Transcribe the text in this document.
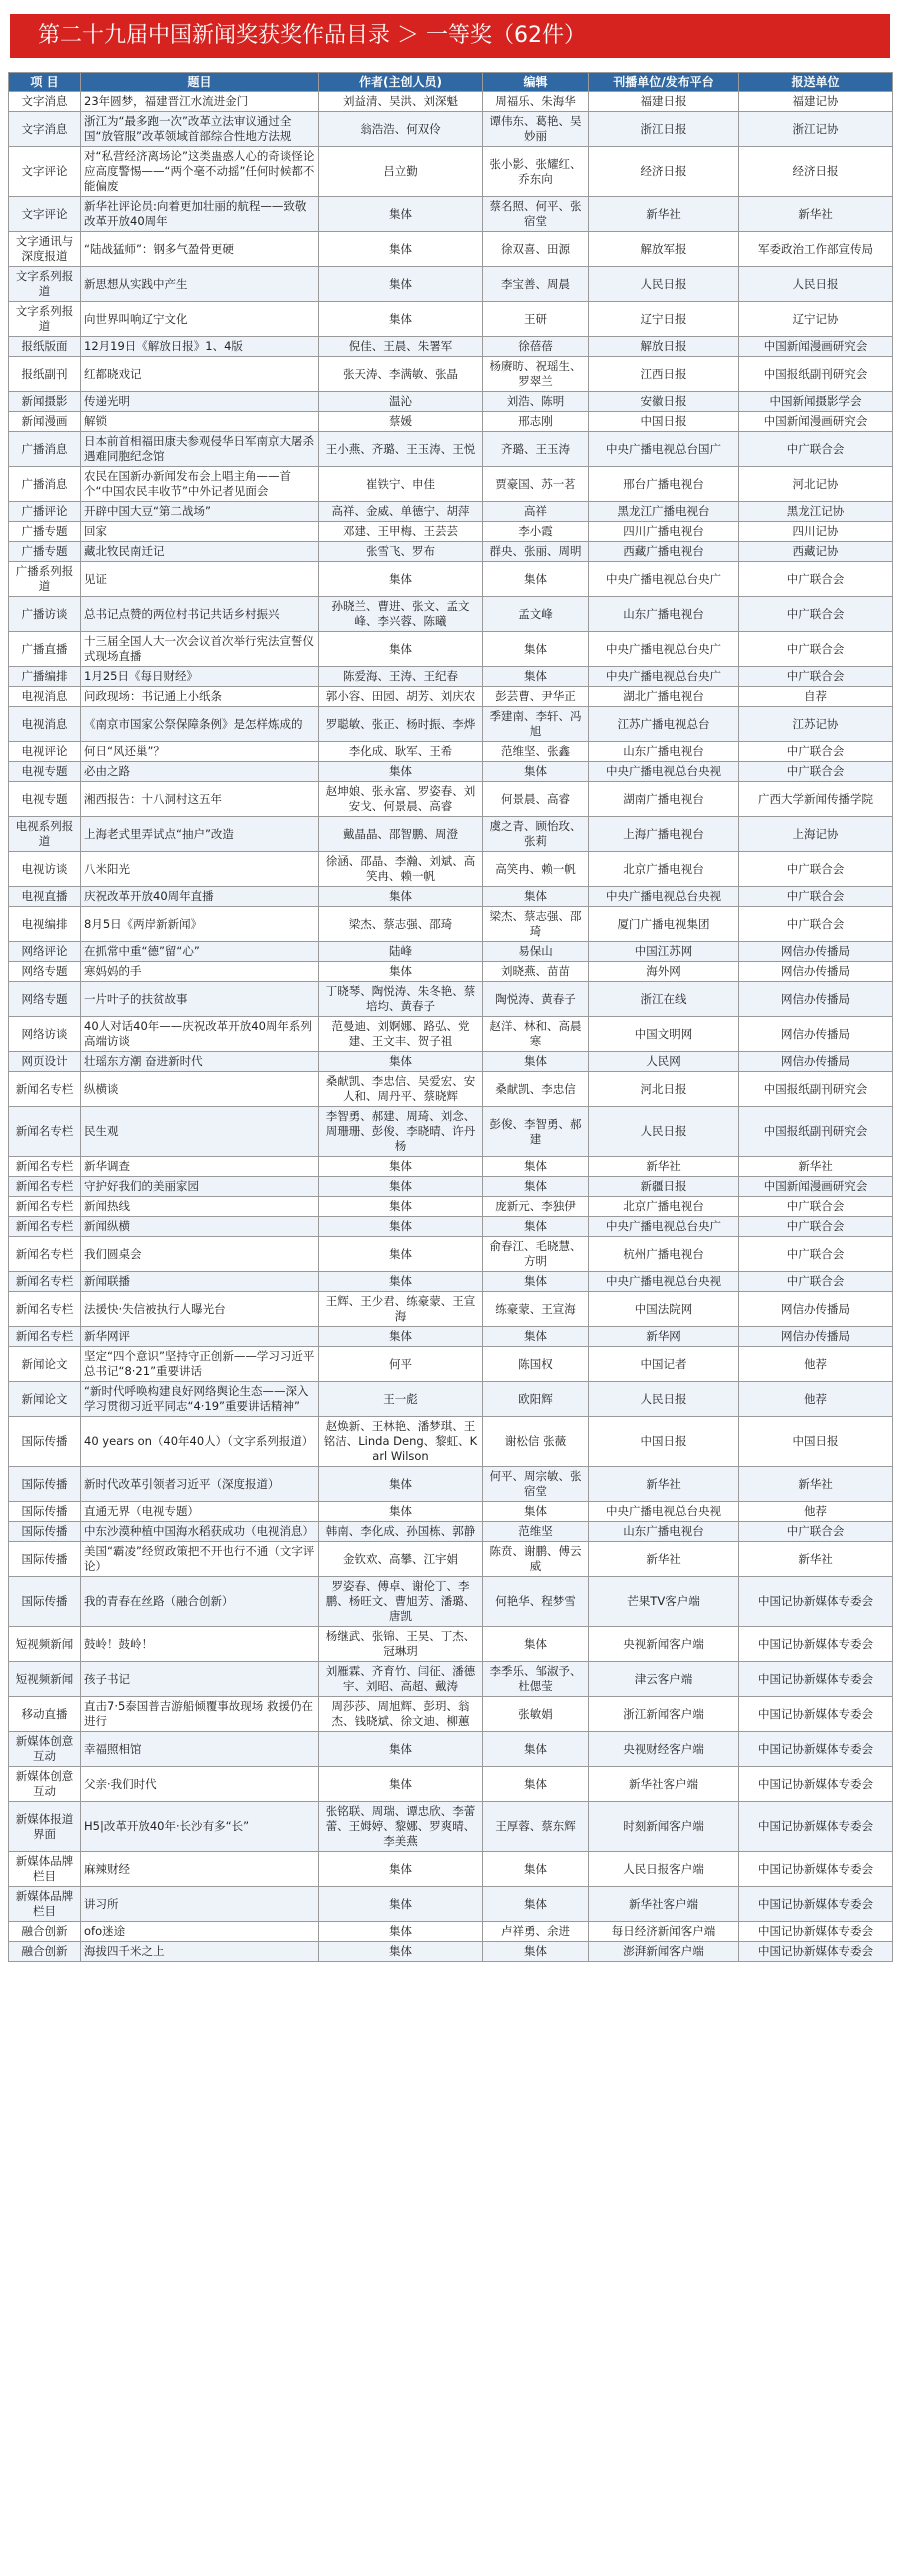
第二十九届中国新闻奖获奖作品目录 ＞ 一等奖（62件）
项 目	题目	作者(主创人员)	编辑	刊播单位/发布平台	报送单位
文字消息	23年圆梦，福建晋江水流进金门	刘益清、吴洪、刘深魁	周福乐、朱海华	福建日报	福建记协
文字消息	浙江为“最多跑一次”改革立法审议通过全国“放管服”改革领域首部综合性地方法规	翁浩浩、何双伶	谭伟东、葛艳、吴妙丽	浙江日报	浙江记协
文字评论	对“私营经济离场论”这类蛊惑人心的奇谈怪论应高度警惕——“两个毫不动摇”任何时候都不能偏废	吕立勤	张小影、张耀红、乔东向	经济日报	经济日报
文字评论	新华社评论员:向着更加壮丽的航程——致敬改革开放40周年	集体	蔡名照、何平、张宿堂	新华社	新华社
文字通讯与深度报道	“陆战猛师”：钢多气盈骨更硬	集体	徐双喜、田源	解放军报	军委政治工作部宣传局
文字系列报道	新思想从实践中产生	集体	李宝善、周晨	人民日报	人民日报
文字系列报道	向世界叫响辽宁文化	集体	王研	辽宁日报	辽宁记协
报纸版面	12月19日《解放日报》1、4版	倪佳、王晨、朱署军	徐蓓蓓	解放日报	中国新闻漫画研究会
报纸副刊	红都晓戏记	张天涛、李满敏、张晶	杨赓昉、祝瑶生、罗翠兰	江西日报	中国报纸副刊研究会
新闻摄影	传递光明	温沁	刘浩、陈明	安徽日报	中国新闻摄影学会
新闻漫画	解锁	蔡媛	邢志刚	中国日报	中国新闻漫画研究会
广播消息	日本前首相福田康夫参观侵华日军南京大屠杀遇难同胞纪念馆	王小燕、齐璐、王玉涛、王悦	齐璐、王玉涛	中央广播电视总台国广	中广联合会
广播消息	农民在国新办新闻发布会上唱主角——首个“中国农民丰收节”中外记者见面会	崔铁宁、申佳	贾豪国、苏一茗	邢台广播电视台	河北记协
广播评论	开辟中国大豆“第二战场”	高祥、金威、单德宁、胡萍	高祥	黑龙江广播电视台	黑龙江记协
广播专题	回家	邓建、王甲梅、王芸芸	李小霞	四川广播电视台	四川记协
广播专题	藏北牧民南迁记	张雪飞、罗布	群央、张丽、周明	西藏广播电视台	西藏记协
广播系列报道	见证	集体	集体	中央广播电视总台央广	中广联合会
广播访谈	总书记点赞的两位村书记共话乡村振兴	孙晓兰、曹进、张文、孟文峰、李兴蓉、陈曦	孟文峰	山东广播电视台	中广联合会
广播直播	十三届全国人大一次会议首次举行宪法宣誓仪式现场直播	集体	集体	中央广播电视总台央广	中广联合会
广播编排	1月25日《每日财经》	陈爱海、王涛、王纪春	集体	中央广播电视总台央广	中广联合会
电视消息	问政现场：书记通上小纸条	郭小容、田园、胡芳、刘庆农	彭芸曹、尹华正	湖北广播电视台	自荐
电视消息	《南京市国家公祭保障条例》是怎样炼成的	罗聪敏、张正、杨时振、李烨	季建南、李轩、冯旭	江苏广播电视总台	江苏记协
电视评论	何日“风还巢”？	李化成、耿军、王希	范维坚、张鑫	山东广播电视台	中广联合会
电视专题	必由之路	集体	集体	中央广播电视总台央视	中广联合会
电视专题	湘西报告：十八洞村这五年	赵坤娘、张永富、罗姿春、刘安戈、何景晨、高睿	何景晨、高睿	湖南广播电视台	广西大学新闻传播学院
电视系列报道	上海老式里弄试点“抽户”改造	戴晶晶、邵智鹏、周澄	虞之青、顾怡玫、张莉	上海广播电视台	上海记协
电视访谈	八米阳光	徐涵、邵晶、李瀚、刘斌、高笑冉、赖一帆	高笑冉、赖一帆	北京广播电视台	中广联合会
电视直播	庆祝改革开放40周年直播	集体	集体	中央广播电视总台央视	中广联合会
电视编排	8月5日《两岸新新闻》	梁杰、蔡志强、邵琦	梁杰、蔡志强、邵琦	厦门广播电视集团	中广联合会
网络评论	在抓常中重“德”留“心”	陆峰	易保山	中国江苏网	网信办传播局
网络专题	寒妈妈的手	集体	刘晓燕、苗苗	海外网	网信办传播局
网络专题	一片叶子的扶贫故事	丁晓琴、陶悦涛、朱冬艳、蔡培均、黄春子	陶悦涛、黄春子	浙江在线	网信办传播局
网络访谈	40人对话40年——庆祝改革开放40周年系列高端访谈	范曼迪、刘婀娜、路弘、党建、王文丰、贺子祖	赵洋、林和、高晨寒	中国文明网	网信办传播局
网页设计	壮瑶东方潮 奋进新时代	集体	集体	人民网	网信办传播局
新闻名专栏	纵横谈	桑献凯、李忠信、吴爱宏、安人和、周丹平、蔡晓辉	桑献凯、李忠信	河北日报	中国报纸副刊研究会
新闻名专栏	民生观	李智勇、郝建、周琦、刘念、周珊珊、彭俊、李晓晴、许丹杨	彭俊、李智勇、郝建	人民日报	中国报纸副刊研究会
新闻名专栏	新华调查	集体	集体	新华社	新华社
新闻名专栏	守护好我们的美丽家园	集体	集体	新疆日报	中国新闻漫画研究会
新闻名专栏	新闻热线	集体	庞新元、李独伊	北京广播电视台	中广联合会
新闻名专栏	新闻纵横	集体	集体	中央广播电视总台央广	中广联合会
新闻名专栏	我们圆桌会	集体	俞春江、毛晓慧、方明	杭州广播电视台	中广联合会
新闻名专栏	新闻联播	集体	集体	中央广播电视总台央视	中广联合会
新闻名专栏	法援快·失信被执行人曝光台	王辉、王少君、练豪蒙、王宣海	练豪蒙、王宣海	中国法院网	网信办传播局
新闻名专栏	新华网评	集体	集体	新华网	网信办传播局
新闻论文	坚定“四个意识”坚持守正创新——学习习近平总书记“8·21”重要讲话	何平	陈国权	中国记者	他荐
新闻论文	“新时代呼唤构建良好网络舆论生态——深入学习贯彻习近平同志“4·19”重要讲话精神”	王一彪	欧阳辉	人民日报	他荐
国际传播	40 years on（40年40人）（文字系列报道）	赵焕新、王林艳、潘梦琪、王铭洁、Linda Deng、黎虹、Karl Wilson	谢松信 张薇	中国日报	中国日报
国际传播	新时代改革引领者习近平（深度报道）	集体	何平、周宗敏、张宿堂	新华社	新华社
国际传播	直通无界（电视专题）	集体	集体	中央广播电视总台央视	他荐
国际传播	中东沙漠种植中国海水稻获成功（电视消息）	韩南、李化成、孙国栋、郭静	范维坚	山东广播电视台	中广联合会
国际传播	美国“霸凌”经贸政策把不开也行不通（文字评论）	金钦欢、高攀、江宇娟	陈贲、谢鹏、傅云威	新华社	新华社
国际传播	我的青春在丝路（融合创新）	罗姿春、傅卓、谢伦丁、李鹏、杨旺文、曹旭芳、潘璐、唐凯	何艳华、程梦雪	芒果TV客户端	中国记协新媒体专委会
短视频新闻	鼓岭！鼓岭！	杨继武、张锦、王昊、丁杰、冠琳玥	集体	央视新闻客户端	中国记协新媒体专委会
短视频新闻	孩子书记	刘雁霖、齐育竹、闫征、潘德宇、刘昭、高超、戴涛	李季乐、邹淑予、杜偲莹	津云客户端	中国记协新媒体专委会
移动直播	直击7·5泰国普吉游船倾覆事故现场 救援仍在进行	周莎莎、周旭辉、彭玥、翁杰、钱晓斌、徐文迪、柳蕙	张敏娟	浙江新闻客户端	中国记协新媒体专委会
新媒体创意互动	幸福照相馆	集体	集体	央视财经客户端	中国记协新媒体专委会
新媒体创意互动	父亲·我们时代	集体	集体	新华社客户端	中国记协新媒体专委会
新媒体报道界面	H5|改革开放40年·长沙有多“长”	张铭联、周瑞、谭忠欣、李蕾蕾、王姆婷、黎娜、罗爽晴、李美燕	王厚蓉、蔡东辉	时刻新闻客户端	中国记协新媒体专委会
新媒体品牌栏目	麻辣财经	集体	集体	人民日报客户端	中国记协新媒体专委会
新媒体品牌栏目	讲习所	集体	集体	新华社客户端	中国记协新媒体专委会
融合创新	ofo迷途	集体	卢祥勇、余进	每日经济新闻客户端	中国记协新媒体专委会
融合创新	海拔四千米之上	集体	集体	澎湃新闻客户端	中国记协新媒体专委会
